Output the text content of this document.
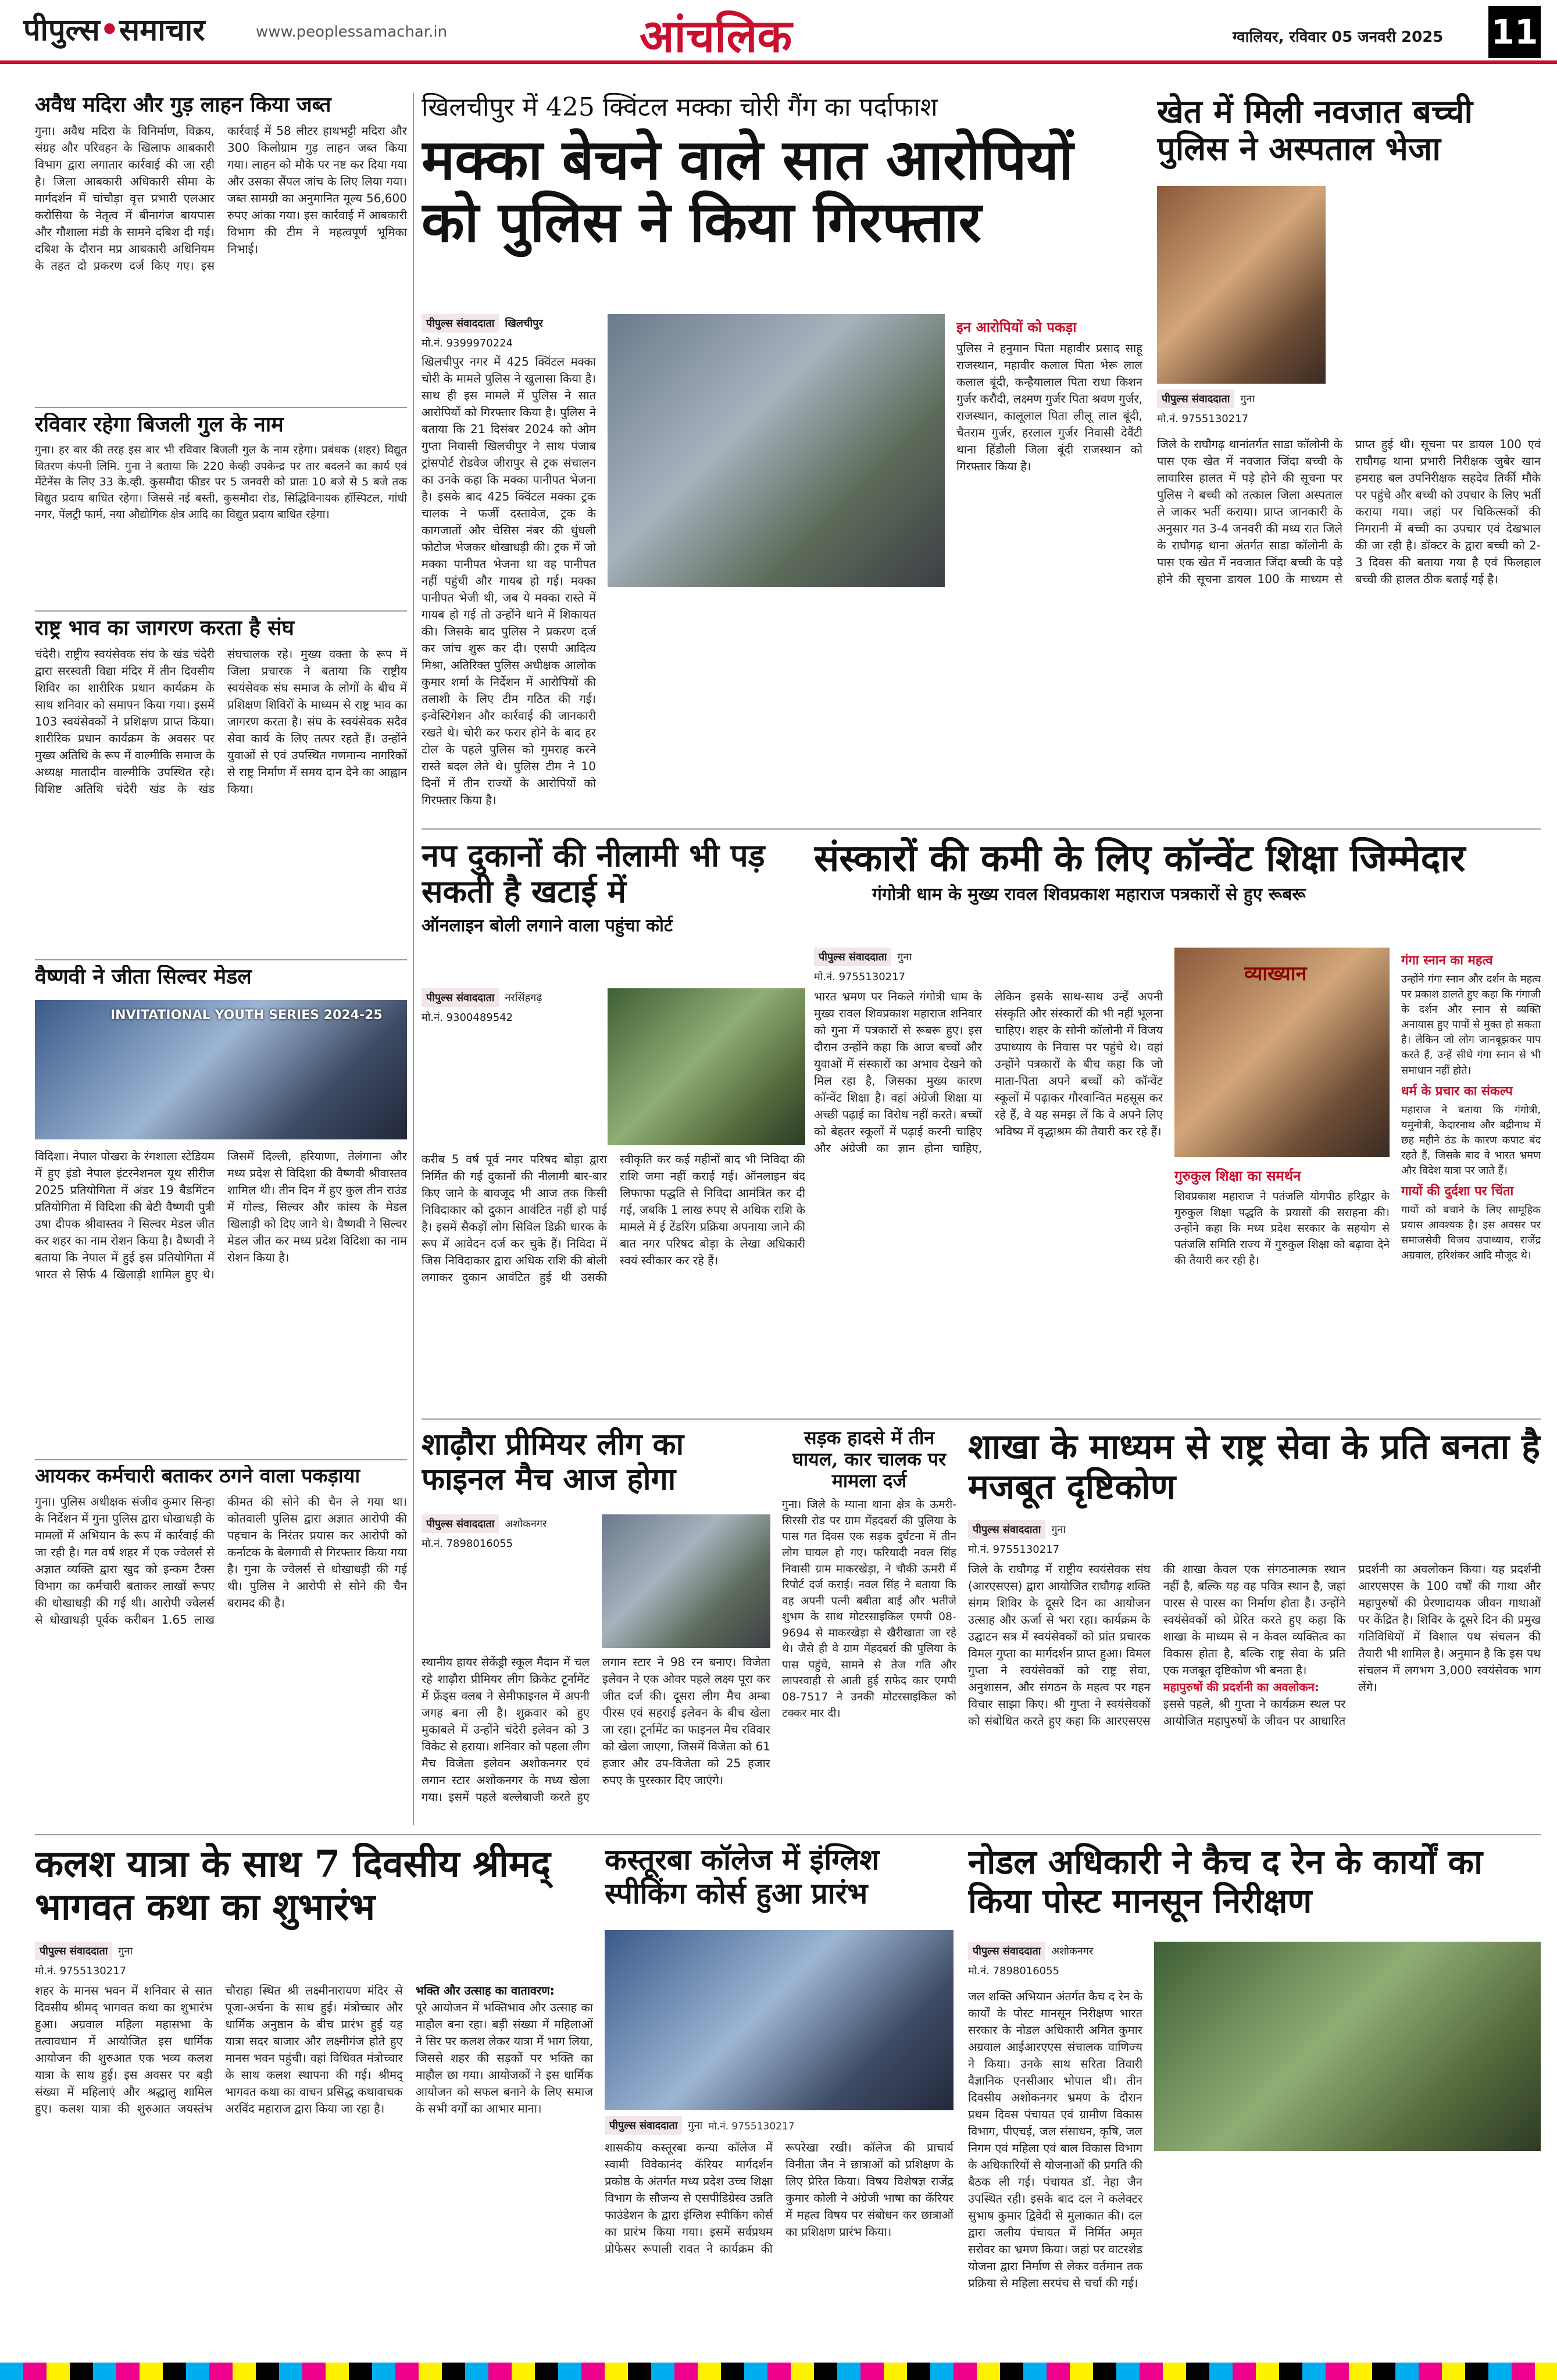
पीपुल्स•समाचार	www.peoplessamachar.in	आंचलिक	ग्वालियर, रविवार 05 जनवरी 2025 11
अवैध मदिरा और गुड़ लाहन किया जब्त
गुना। अवैध मदिरा के विनिर्माण, विक्रय, संग्रह और परिवहन के खिलाफ आबकारी विभाग द्वारा लगातार कार्रवाई की जा रही है। जिला आबकारी अधिकारी सीमा के मार्गदर्शन में चांचौड़ा वृत्त प्रभारी एलआर करोसिया के नेतृत्व में बीनागंज बायपास और गौशाला मंडी के सामने दबिश दी गई। दबिश के दौरान मप्र आबकारी अधिनियम के तहत दो प्रकरण दर्ज किए गए। इस कार्रवाई में 58 लीटर हाथभट्टी मदिरा और 300 किलोग्राम गुड़ लाहन जब्त किया गया। लाहन को मौके पर नष्ट कर दिया गया और उसका सैंपल जांच के लिए लिया गया। जब्त सामग्री का अनुमानित मूल्य 56,600 रुपए आंका गया। इस कार्रवाई में आबकारी विभाग की टीम ने महत्वपूर्ण भूमिका निभाई।
रविवार रहेगा बिजली गुल के नाम
गुना। हर बार की तरह इस बार भी रविवार बिजली गुल के नाम रहेगा। प्रबंधक (शहर) विद्युत वितरण कंपनी लिमि. गुना ने बताया कि 220 केव्ही उपकेन्द्र पर तार बदलने का कार्य एवं मेंटेनेंस के लिए 33 के.व्ही. कुसमौदा फीडर पर 5 जनवरी को प्रातः 10 बजे से 5 बजे तक विद्युत प्रदाय बाधित रहेगा। जिससे नई बस्ती, कुसमौदा रोड, सिद्धिविनायक हॉस्पिटल, गांधी नगर, पेंलट्री फार्म, नया औद्योगिक क्षेत्र आदि का विद्युत प्रदाय बाधित रहेगा।
राष्ट्र भाव का जागरण करता है संघ
चंदेरी। राष्ट्रीय स्वयंसेवक संघ के खंड चंदेरी द्वारा सरस्वती विद्या मंदिर में तीन दिवसीय शिविर का शारीरिक प्रधान कार्यक्रम के साथ शनिवार को समापन किया गया। इसमें 103 स्वयंसेवकों ने प्रशिक्षण प्राप्त किया। शारीरिक प्रधान कार्यक्रम के अवसर पर मुख्य अतिथि के रूप में वाल्मीकि समाज के अध्यक्ष मातादीन वाल्मीकि उपस्थित रहे। विशिष्ट अतिथि चंदेरी खंड के खंड संघचालक रहे। मुख्य वक्ता के रूप में जिला प्रचारक ने बताया कि राष्ट्रीय स्वयंसेवक संघ समाज के लोगों के बीच में प्रशिक्षण शिविरों के माध्यम से राष्ट्र भाव का जागरण करता है। संघ के स्वयंसेवक सदैव सेवा कार्य के लिए तत्पर रहते हैं। उन्होंने युवाओं से एवं उपस्थित गणमान्य नागरिकों से राष्ट्र निर्माण में समय दान देने का आह्वान किया।
वैष्णवी ने जीता सिल्वर मेडल
INVITATIONAL YOUTH SERIES 2024-25
विदिशा। नेपाल पोखरा के रंगशाला स्टेडियम में हुए इंडो नेपाल इंटरनेशनल यूथ सीरीज 2025 प्रतियोगिता में अंडर 19 बैडमिंटन प्रतियोगिता में विदिशा की बेटी वैष्णवी पुत्री उषा दीपक श्रीवास्तव ने सिल्वर मेडल जीत कर शहर का नाम रोशन किया है। वैष्णवी ने बताया कि नेपाल में हुई इस प्रतियोगिता में भारत से सिर्फ 4 खिलाड़ी शामिल हुए थे। जिसमें दिल्ली, हरियाणा, तेलंगाना और मध्य प्रदेश से विदिशा की वैष्णवी श्रीवास्तव शामिल थी। तीन दिन में हुए कुल तीन राउंड में गोल्ड, सिल्वर और कांस्य के मेडल खिलाड़ी को दिए जाने थे। वैष्णवी ने सिल्वर मेडल जीत कर मध्य प्रदेश विदिशा का नाम रोशन किया है।
आयकर कर्मचारी बताकर ठगने वाला पकड़ाया
गुना। पुलिस अधीक्षक संजीव कुमार सिन्हा के निर्देशन में गुना पुलिस द्वारा धोखाधड़ी के मामलों में अभियान के रूप में कार्रवाई की जा रही है। गत वर्ष शहर में एक ज्वेलर्स से अज्ञात व्यक्ति द्वारा खुद को इन्कम टैक्स विभाग का कर्मचारी बताकर लाखों रूपए की धोखाधड़ी की गई थी। आरोपी ज्वेलर्स से धोखाधड़ी पूर्वक करीबन 1.65 लाख कीमत की सोने की चैन ले गया था। कोतवाली पुलिस द्वारा अज्ञात आरोपी की पहचान के निरंतर प्रयास कर आरोपी को कर्नाटक के बेलगावी से गिरफ्तार किया गया है। गुना के ज्वेलर्स से धोखाधड़ी की गई थी। पुलिस ने आरोपी से सोने की चैन बरामद की है।
खिलचीपुर में 425 क्विंटल मक्का चोरी गैंग का पर्दाफाश
मक्का बेचने वाले सात आरोपियों को पुलिस ने किया गिरफ्तार
पीपुल्स संवाददाता	खिलचीपुर
मो.नं. 9399970224
खिलचीपुर नगर में 425 क्विंटल मक्का चोरी के मामले पुलिस ने खुलासा किया है। साथ ही इस मामले में पुलिस ने सात आरोपियों को गिरफ्तार किया है। पुलिस ने बताया कि 21 दिसंबर 2024 को ओम गुप्ता निवासी खिलचीपुर ने साथ पंजाब ट्रांसपोर्ट रोडवेज जीरापुर से ट्रक संचालन का उनके कहा कि मक्का पानीपत भेजना है। इसके बाद 425 क्विंटल मक्का ट्रक चालक ने फर्जी दस्तावेज, ट्रक के कागजातों और चेसिस नंबर की धुंधली फोटोज भेजकर धोखाधड़ी की। ट्रक में जो मक्का पानीपत भेजना था वह पानीपत नहीं पहुंची और गायब हो गई। मक्का पानीपत भेजी थी, जब ये मक्का रास्ते में गायब हो गई तो उन्होंने थाने में शिकायत की। जिसके बाद पुलिस ने प्रकरण दर्ज कर जांच शुरू कर दी। एसपी आदित्य मिश्रा, अतिरिक्त पुलिस अधीक्षक आलोक कुमार शर्मा के निर्देशन में आरोपियों की तलाशी के लिए टीम गठित की गई। इन्वेस्टिगेशन और कार्रवाई की जानकारी रखते थे। चोरी कर फरार होने के बाद हर टोल के पहले पुलिस को गुमराह करने रास्ते बदल लेते थे। पुलिस टीम ने 10 दिनों में तीन राज्यों के आरोपियों को गिरफ्तार किया है।
इन आरोपियों को पकड़ा
पुलिस ने हनुमान पिता महावीर प्रसाद साहू राजस्थान, महावीर कलाल पिता भेरू लाल कलाल बूंदी, कन्हैयालाल पिता राधा किशन गुर्जर करौदी, लक्ष्मण गुर्जर पिता श्रवण गुर्जर, राजस्थान, कालूलाल पिता लीलू लाल बूंदी, चैतराम गुर्जर, हरलाल गुर्जर निवासी देवैंटी थाना हिंडौली जिला बूंदी राजस्थान को गिरफ्तार किया है।
खेत में मिली नवजात बच्ची पुलिस ने अस्पताल भेजा
पीपुल्स संवाददाता	गुना
मो.नं. 9755130217
जिले के राघौगढ़ थानांतर्गत साडा कॉलोनी के पास एक खेत में नवजात जिंदा बच्ची के लावारिस हालत में पड़े होने की सूचना पर पुलिस ने बच्ची को तत्काल जिला अस्पताल ले जाकर भर्ती कराया। प्राप्त जानकारी के अनुसार गत 3-4 जनवरी की मध्य रात जिले के राघौगढ़ थाना अंतर्गत साडा कॉलोनी के पास एक खेत में नवजात जिंदा बच्ची के पड़े होने की सूचना डायल 100 के माध्यम से प्राप्त हुई थी। सूचना पर डायल 100 एवं राघौगढ़ थाना प्रभारी निरीक्षक जुबेर खान हमराह बल उपनिरीक्षक सहदेव तिर्की मौके पर पहुंचे और बच्ची को उपचार के लिए भर्ती कराया गया। जहां पर चिकित्सकों की निगरानी में बच्ची का उपचार एवं देखभाल की जा रही है। डॉक्टर के द्वारा बच्ची को 2-3 दिवस की बताया गया है एवं फिलहाल बच्ची की हालत ठीक बताई गई है।
नप दुकानों की नीलामी भी पड़ सकती है खटाई में
ऑनलाइन बोली लगाने वाला पहुंचा कोर्ट
पीपुल्स संवाददाता	नरसिंहगढ़
मो.नं. 9300489542
करीब 5 वर्ष पूर्व नगर परिषद बोड़ा द्वारा निर्मित की गई दुकानों की नीलामी बार-बार किए जाने के बावजूद भी आज तक किसी निविदाकार को दुकान आवंटित नहीं हो पाई है। इसमें सैकड़ों लोग सिविल डिक्री धारक के रूप में आवेदन दर्ज कर चुके हैं। निविदा में जिस निविदाकार द्वारा अधिक राशि की बोली लगाकर दुकान आवंटित हुई थी उसकी स्वीकृति कर कई महीनों बाद भी निविदा की राशि जमा नहीं कराई गई। ऑनलाइन बंद लिफाफा पद्धति से निविदा आमंत्रित कर दी गई, जबकि 1 लाख रुपए से अधिक राशि के मामले में ई टेंडरिंग प्रक्रिया अपनाया जाने की बात नगर परिषद बोड़ा के लेखा अधिकारी स्वयं स्वीकार कर रहे हैं।
संस्कारों की कमी के लिए कॉन्वेंट शिक्षा जिम्मेदार
गंगोत्री धाम के मुख्य रावल शिवप्रकाश महाराज पत्रकारों से हुए रूबरू
पीपुल्स संवाददाता	गुना
मो.नं. 9755130217
भारत भ्रमण पर निकले गंगोत्री धाम के मुख्य रावल शिवप्रकाश महाराज शनिवार को गुना में पत्रकारों से रूबरू हुए। इस दौरान उन्होंने कहा कि आज बच्चों और युवाओं में संस्कारों का अभाव देखने को मिल रहा है, जिसका मुख्य कारण कॉन्वेंट शिक्षा है। वहां अंग्रेजी शिक्षा या अच्छी पढ़ाई का विरोध नहीं करते। बच्चों को बेहतर स्कूलों में पढ़ाई करनी चाहिए और अंग्रेजी का ज्ञान होना चाहिए, लेकिन इसके साथ-साथ उन्हें अपनी संस्कृति और संस्कारों की भी नहीं भूलना चाहिए। शहर के सोनी कॉलोनी में विजय उपाध्याय के निवास पर पहुंचे थे। वहां उन्होंने पत्रकारों के बीच कहा कि जो माता-पिता अपने बच्चों को कॉन्वेंट स्कूलों में पढ़ाकर गौरवान्वित महसूस कर रहे हैं, वे यह समझ लें कि वे अपने लिए भविष्य में वृद्धाश्रम की तैयारी कर रहे हैं।
व्याख्यान
गुरुकुल शिक्षा का समर्थन
शिवप्रकाश महाराज ने पतंजलि योगपीठ हरिद्वार के गुरुकुल शिक्षा पद्धति के प्रयासों की सराहना की। उन्होंने कहा कि मध्य प्रदेश सरकार के सहयोग से पतंजलि समिति राज्य में गुरुकुल शिक्षा को बढ़ावा देने की तैयारी कर रही है।
गंगा स्नान का महत्व
उन्होंने गंगा स्नान और दर्शन के महत्व पर प्रकाश डालते हुए कहा कि गंगाजी के दर्शन और स्नान से व्यक्ति अनायास हुए पापों से मुक्त हो सकता है। लेकिन जो लोग जानबूझकर पाप करते हैं, उन्हें सीधे गंगा स्नान से भी समाधान नहीं होते।
धर्म के प्रचार का संकल्प
महाराज ने बताया कि गंगोत्री, यमुनोत्री, केदारनाथ और बद्रीनाथ में छह महीने ठंड के कारण कपाट बंद रहते हैं, जिसके बाद वे भारत भ्रमण और विदेश यात्रा पर जाते हैं।
गायों की दुर्दशा पर चिंता
गायों को बचाने के लिए सामूहिक प्रयास आवश्यक है। इस अवसर पर समाजसेवी विजय उपाध्याय, राजेंद्र अग्रवाल, हरिशंकर आदि मौजूद थे।
शाढ़ौरा प्रीमियर लीग का फाइनल मैच आज होगा
पीपुल्स संवाददाता	अशोकनगर
मो.नं. 7898016055
स्थानीय हायर सेकेंड्री स्कूल मैदान में चल रहे शाढ़ौरा प्रीमियर लीग क्रिकेट टूर्नामेंट में फ्रेंड्स क्लब ने सेमीफाइनल में अपनी जगह बना ली है। शुक्रवार को हुए मुकाबले में उन्होंने चंदेरी इलेवन को 3 विकेट से हराया। शनिवार को पहला लीग मैच विजेता इलेवन अशोकनगर एवं लगान स्टार अशोकनगर के मध्य खेला गया। इसमें पहले बल्लेबाजी करते हुए लगान स्टार ने 98 रन बनाए। विजेता इलेवन ने एक ओवर पहले लक्ष्य पूरा कर जीत दर्ज की। दूसरा लीग मैच अम्बा पीरस एवं सहराई इलेवन के बीच खेला जा रहा। टूर्नामेंट का फाइनल मैच रविवार को खेला जाएगा, जिसमें विजेता को 61 हजार और उप-विजेता को 25 हजार रुपए के पुरस्कार दिए जाएंगे।
सड़क हादसे में तीन घायल, कार चालक पर मामला दर्ज
गुना। जिले के म्याना थाना क्षेत्र के ऊमरी-सिरसी रोड पर ग्राम मेंहदबर्रा की पुलिया के पास गत दिवस एक सड़क दुर्घटना में तीन लोग घायल हो गए। फरियादी नवल सिंह निवासी ग्राम माकरखेड़ा, ने चौकी ऊमरी में रिपोर्ट दर्ज कराई। नवल सिंह ने बताया कि वह अपनी पत्नी बबीता बाई और भतीजे शुभम के साथ मोटरसाइकिल एमपी 08-9694 से माकरखेड़ा से खैरीखाता जा रहे थे। जैसे ही वे ग्राम मेंहदबर्रा की पुलिया के पास पहुंचे, सामने से तेज गति और लापरवाही से आती हुई सफेद कार एमपी 08-7517 ने उनकी मोटरसाइकिल को टक्कर मार दी।
शाखा के माध्यम से राष्ट्र सेवा के प्रति बनता है मजबूत दृष्टिकोण
पीपुल्स संवाददाता	गुना
मो.नं. 9755130217
जिले के राघौगढ़ में राष्ट्रीय स्वयंसेवक संघ (आरएसएस) द्वारा आयोजित राघौगढ़ शक्ति संगम शिविर के दूसरे दिन का आयोजन उत्साह और ऊर्जा से भरा रहा। कार्यक्रम के उद्घाटन सत्र में स्वयंसेवकों को प्रांत प्रचारक विमल गुप्ता का मार्गदर्शन प्राप्त हुआ। विमल गुप्ता ने स्वयंसेवकों को राष्ट्र सेवा, अनुशासन, और संगठन के महत्व पर गहन विचार साझा किए। श्री गुप्ता ने स्वयंसेवकों को संबोधित करते हुए कहा कि आरएसएस की शाखा केवल एक संगठनात्मक स्थान नहीं है, बल्कि यह वह पवित्र स्थान है, जहां पारस से पारस का निर्माण होता है। उन्होंने स्वयंसेवकों को प्रेरित करते हुए कहा कि शाखा के माध्यम से न केवल व्यक्तित्व का विकास होता है, बल्कि राष्ट्र सेवा के प्रति एक मजबूत दृष्टिकोण भी बनता है।
महापुरुषों की प्रदर्शनी का अवलोकन:
इससे पहले, श्री गुप्ता ने कार्यक्रम स्थल पर आयोजित महापुरुषों के जीवन पर आधारित प्रदर्शनी का अवलोकन किया। यह प्रदर्शनी आरएसएस के 100 वर्षों की गाथा और महापुरुषों की प्रेरणादायक जीवन गाथाओं पर केंद्रित है। शिविर के दूसरे दिन की प्रमुख गतिविधियों में विशाल पथ संचलन की तैयारी भी शामिल है। अनुमान है कि इस पथ संचलन में लगभग 3,000 स्वयंसेवक भाग लेंगे।
कलश यात्रा के साथ 7 दिवसीय श्रीमद् भागवत कथा का शुभारंभ
पीपुल्स संवाददाता	गुना
मो.नं. 9755130217
शहर के मानस भवन में शनिवार से सात दिवसीय श्रीमद् भागवत कथा का शुभारंभ हुआ। अग्रवाल महिला महासभा के तत्वावधान में आयोजित इस धार्मिक आयोजन की शुरुआत एक भव्य कलश यात्रा के साथ हुई। इस अवसर पर बड़ी संख्या में महिलाएं और श्रद्धालु शामिल हुए। कलश यात्रा की शुरुआत जयस्तंभ चौराहा स्थित श्री लक्ष्मीनारायण मंदिर से पूजा-अर्चना के साथ हुई। मंत्रोच्चार और धार्मिक अनुष्ठान के बीच प्रारंभ हुई यह यात्रा सदर बाजार और लक्ष्मीगंज होते हुए मानस भवन पहुंची। वहां विधिवत मंत्रोच्चार के साथ कलश स्थापना की गई। श्रीमद् भागवत कथा का वाचन प्रसिद्ध कथावाचक अरविंद महाराज द्वारा किया जा रहा है।
भक्ति और उत्साह का वातावरण:
पूरे आयोजन में भक्तिभाव और उत्साह का माहौल बना रहा। बड़ी संख्या में महिलाओं ने सिर पर कलश लेकर यात्रा में भाग लिया, जिससे शहर की सड़कों पर भक्ति का माहौल छा गया। आयोजकों ने इस धार्मिक आयोजन को सफल बनाने के लिए समाज के सभी वर्गों का आभार माना।
कस्तूरबा कॉलेज में इंग्लिश स्पीकिंग कोर्स हुआ प्रारंभ
पीपुल्स संवाददाता	गुना मो.नं. 9755130217
शासकीय कस्तूरबा कन्या कॉलेज में स्वामी विवेकानंद कॅरियर मार्गदर्शन प्रकोष्ठ के अंतर्गत मध्य प्रदेश उच्च शिक्षा विभाग के सौजन्य से एसपीडिग्रेस्व उन्नति फाउंडेशन के द्वारा इंग्लिश स्पीकिंग कोर्स का प्रारंभ किया गया। इसमें सर्वप्रथम प्रोफेसर रूपाली रावत ने कार्यक्रम की रूपरेखा रखी। कॉलेज की प्राचार्य विनीता जैन ने छात्राओं को प्रशिक्षण के लिए प्रेरित किया। विषय विशेषज्ञ राजेंद्र कुमार कोली ने अंग्रेजी भाषा का कॅरियर में महत्व विषय पर संबोधन कर छात्राओं का प्रशिक्षण प्रारंभ किया।
नोडल अधिकारी ने कैच द रेन के कार्यों का किया पोस्ट मानसून निरीक्षण
पीपुल्स संवाददाता	अशोकनगर
मो.नं. 7898016055
जल शक्ति अभियान अंतर्गत कैच द रेन के कार्यों के पोस्ट मानसून निरीक्षण भारत सरकार के नोडल अधिकारी अमित कुमार अग्रवाल आईआरएएस संचालक वाणिज्य ने किया। उनके साथ सरिता तिवारी वैज्ञानिक एनसीआर भोपाल थी। तीन दिवसीय अशोकनगर भ्रमण के दौरान प्रथम दिवस पंचायत एवं ग्रामीण विकास विभाग, पीएचई, जल संसाधन, कृषि, जल निगम एवं महिला एवं बाल विकास विभाग के अधिकारियों से योजनाओं की प्रगति की बैठक ली गई। पंचायत डॉ. नेहा जैन उपस्थित रही। इसके बाद दल ने कलेक्टर सुभाष कुमार द्विवेदी से मुलाकात की। दल द्वारा जलीय पंचायत में निर्मित अमृत सरोवर का भ्रमण किया। जहां पर वाटरशेड योजना द्वारा निर्माण से लेकर वर्तमान तक प्रक्रिया से महिला सरपंच से चर्चा की गई।
